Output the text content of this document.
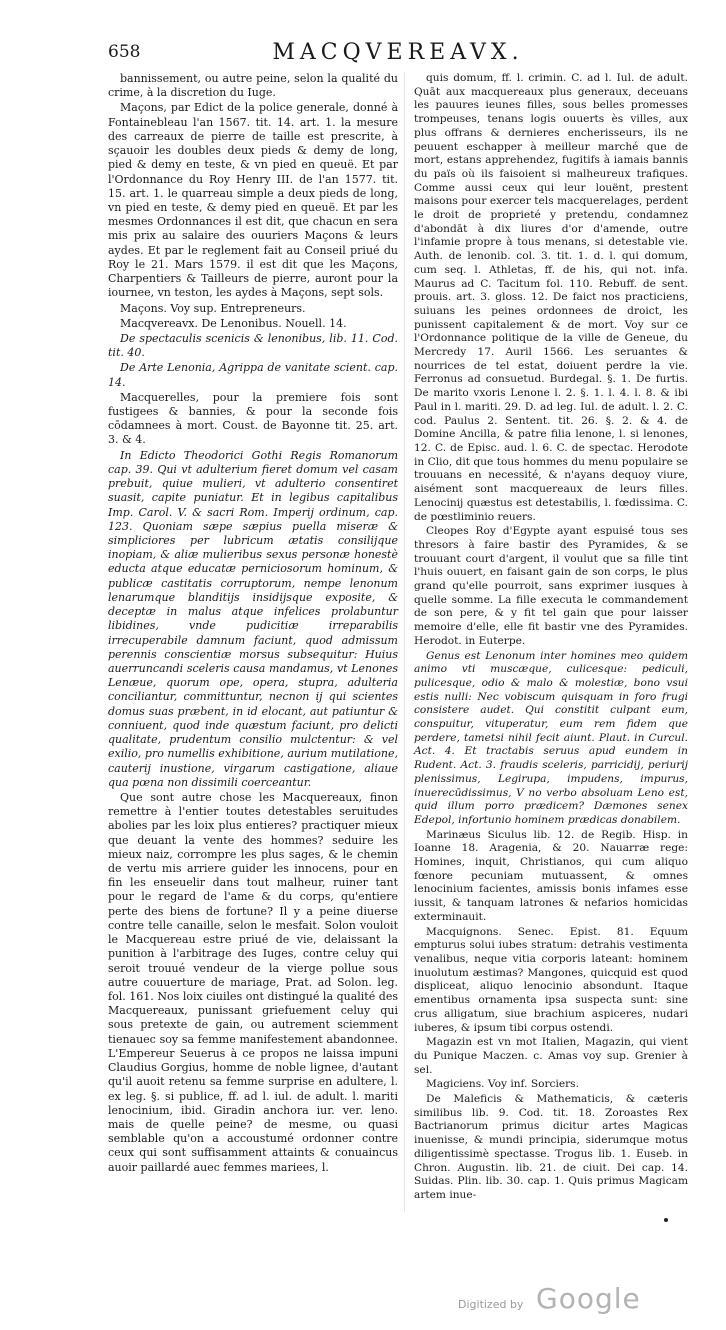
658	MACQVEREAVX.

bannissement, ou autre peine, selon la qualité du crime, à la discretion du Iuge.

Maçons, par Edict de la police generale, donné à Fontainebleau l'an 1567. tit. 14. art. 1. la mesure des carreaux de pierre de taille est prescrite, à sçauoir les doubles deux pieds & demy de long, pied & demy en teste, & vn pied en queuë. Et par l'Ordonnance du Roy Henry III. de l'an 1577. tit. 15. art. 1. le quarreau simple a deux pieds de long, vn pied en teste, & demy pied en queuë. Et par les mesmes Ordonnances il est dit, que chacun en sera mis prix au salaire des ouuriers Maçons & leurs aydes. Et par le reglement fait au Conseil priué du Roy le 21. Mars 1579. il est dit que les Maçons, Charpentiers & Tailleurs de pierre, auront pour la iournee, vn teston, les aydes à Maçons, sept sols.

Maçons. Voy sup. Entrepreneurs.

Macqvereavx. De Lenonibus. Nouell. 14.

De spectaculis scenicis & lenonibus, lib. 11. Cod. tit. 40.

De Arte Lenonia, Agrippa de vanitate scient. cap. 14.

Macquerelles, pour la premiere fois sont fustigees & bannies, & pour la seconde fois cōdamnees à mort. Coust. de Bayonne tit. 25. art. 3. & 4.

In Edicto Theodorici Gothi Regis Romanorum cap. 39. Qui vt adulterium fieret domum vel casam prebuit, quiue mulieri, vt adulterio consentiret suasit, capite puniatur. Et in legibus capitalibus Imp. Carol. V. & sacri Rom. Imperij ordinum, cap. 123. Quoniam sæpe sæpius puella miseræ & simpliciores per lubricum ætatis consilijque inopiam, & aliæ mulieribus sexus personæ honestè educta atque educatæ perniciosorum hominum, & publicæ castitatis corruptorum, nempe lenonum lenarumque blanditijs insidijsque exposite, & deceptæ in malus atque infelices prolabuntur libidines, vnde pudicitiæ irreparabilis irrecuperabile damnum faciunt, quod admissum perennis conscientiæ morsus subsequitur: Huius auerruncandi sceleris causa mandamus, vt Lenones Lenæue, quorum ope, opera, stupra, adulteria conciliantur, committuntur, necnon ij qui scientes domus suas præbent, in id elocant, aut patiuntur & conniuent, quod inde quæstum faciunt, pro delicti qualitate, prudentum consilio mulctentur: & vel exilio, pro numellis exhibitione, aurium mutilatione, cauterij inustione, virgarum castigatione, aliaue qua pœna non dissimili coerceantur.

Que sont autre chose les Macquereaux, finon remettre à l'entier toutes detestables seruitudes abolies par les loix plus entieres? practiquer mieux que deuant la vente des hommes? seduire les mieux naiz, corrompre les plus sages, & le chemin de vertu mis arriere guider les innocens, pour en fin les enseuelir dans tout malheur, ruiner tant pour le regard de l'ame & du corps, qu'entiere perte des biens de fortune? Il y a peine diuerse contre telle canaille, selon le mesfait. Solon vouloit le Macquereau estre priué de vie, delaissant la punition à l'arbitrage des Iuges, contre celuy qui seroit trouué vendeur de la vierge pollue sous autre couuerture de mariage, Prat. ad Solon. leg. fol. 161. Nos loix ciuiles ont distingué la qualité des Macquereaux, punissant griefuement celuy qui sous pretexte de gain, ou autrement sciemment tienauec soy sa femme manifestement abandonnee. L'Empereur Seuerus à ce propos ne laissa impuni Claudius Gorgius, homme de noble lignee, d'autant qu'il auoit retenu sa femme surprise en adultere, l. ex leg. §. si publice, ff. ad l. iul. de adult. l. mariti lenocinium, ibid. Giradin anchora iur. ver. leno. mais de quelle peine? de mesme, ou quasi semblable qu'on a accoustumé ordonner contre ceux qui sont suffisamment attaints & conuaincus auoir paillardé auec femmes mariees, l.

quis domum, ff. l. crimin. C. ad l. Iul. de adult. Quāt aux macquereaux plus generaux, deceuans les pauures ieunes filles, sous belles promesses trompeuses, tenans logis ouuerts ès villes, aux plus offrans & dernieres encherisseurs, ils ne peuuent eschapper à meilleur marché que de mort, estans apprehendez, fugitifs à iamais bannis du païs où ils faisoient si malheureux trafiques. Comme aussi ceux qui leur louënt, prestent maisons pour exercer tels macquerelages, perdent le droit de proprieté y pretendu, condamnez d'abondāt à dix liures d'or d'amende, outre l'infamie propre à tous menans, si detestable vie. Auth. de lenonib. col. 3. tit. 1. d. l. qui domum, cum seq. l. Athletas, ff. de his, qui not. infa. Maurus ad C. Tacitum fol. 110. Rebuff. de sent. prouis. art. 3. gloss. 12. De faict nos practiciens, suiuans les peines ordonnees de droict, les punissent capitalement & de mort. Voy sur ce l'Ordonnance politique de la ville de Geneue, du Mercredy 17. Auril 1566. Les seruantes & nourrices de tel estat, doiuent perdre la vie. Ferronus ad consuetud. Burdegal. §. 1. De furtis. De marito vxoris Lenone l. 2. §. 1. l. 4. l. 8. & ibi Paul in l. mariti. 29. D. ad leg. Iul. de adult. l. 2. C. cod. Paulus 2. Sentent. tit. 26. §. 2. & 4. de Domine Ancilla, & patre filia lenone, l. si lenones, 12. C. de Episc. aud. l. 6. C. de spectac. Herodote in Clio, dit que tous hommes du menu populaire se trouuans en necessité, & n'ayans dequoy viure, aisément sont macquereaux de leurs filles. Lenocinij quæstus est detestabilis, l. fœdissima. C. de pœstliminio reuers.

Cleopes Roy d'Egypte ayant espuisé tous ses thresors à faire bastir des Pyramides, & se trouuant court d'argent, il voulut que sa fille tint l'huis ouuert, en faisant gain de son corps, le plus grand qu'elle pourroit, sans exprimer iusques à quelle somme. La fille executa le commandement de son pere, & y fit tel gain que pour laisser memoire d'elle, elle fit bastir vne des Pyramides. Herodot. in Euterpe.

Genus est Lenonum inter homines meo quidem animo vti muscæque, culicesque: pediculi, pulicesque, odio & malo & molestiæ, bono vsui estis nulli: Nec vobiscum quisquam in foro frugi consistere audet. Qui constitit culpant eum, conspuitur, vituperatur, eum rem fidem que perdere, tametsi nihil fecit aiunt. Plaut. in Curcul. Act. 4. Et tractabis seruus apud eundem in Rudent. Act. 3. fraudis sceleris, parricidij, periurij plenissimus, Legirupa, impudens, impurus, inuerecūdissimus, V no verbo absoluam Leno est, quid illum porro prædicem? Dæmones senex Edepol, infortunio hominem prædicas donabilem.

Marinæus Siculus lib. 12. de Regib. Hisp. in Ioanne 18. Aragenia, & 20. Nauarræ rege: Homines, inquit, Christianos, qui cum aliquo fœnore pecuniam mutuassent, & omnes lenocinium facientes, amissis bonis infames esse iussit, & tanquam latrones & nefarios homicidas exterminauit.

Macquignons. Senec. Epist. 81. Equum empturus solui iubes stratum: detrahis vestimenta venalibus, neque vitia corporis lateant: hominem inuolutum æstimas? Mangones, quicquid est quod displiceat, aliquo lenocinio absondunt. Itaque ementibus ornamenta ipsa suspecta sunt: sine crus alligatum, siue brachium aspiceres, nudari iuberes, & ipsum tibi corpus ostendi.

Magazin est vn mot Italien, Magazin, qui vient du Punique Maczen. c. Amas voy sup. Grenier à sel.

Magiciens. Voy inf. Sorciers.

De Maleficis & Mathematicis, & cæteris similibus lib. 9. Cod. tit. 18. Zoroastes Rex Bactrianorum primus dicitur artes Magicas inuenisse, & mundi principia, siderumque motus diligentissimè spectasse. Trogus lib. 1. Euseb. in Chron. Augustin. lib. 21. de ciuit. Dei cap. 14. Suidas. Plin. lib. 30. cap. 1. Quis primus Magicam artem inue-

Digitized by Google
